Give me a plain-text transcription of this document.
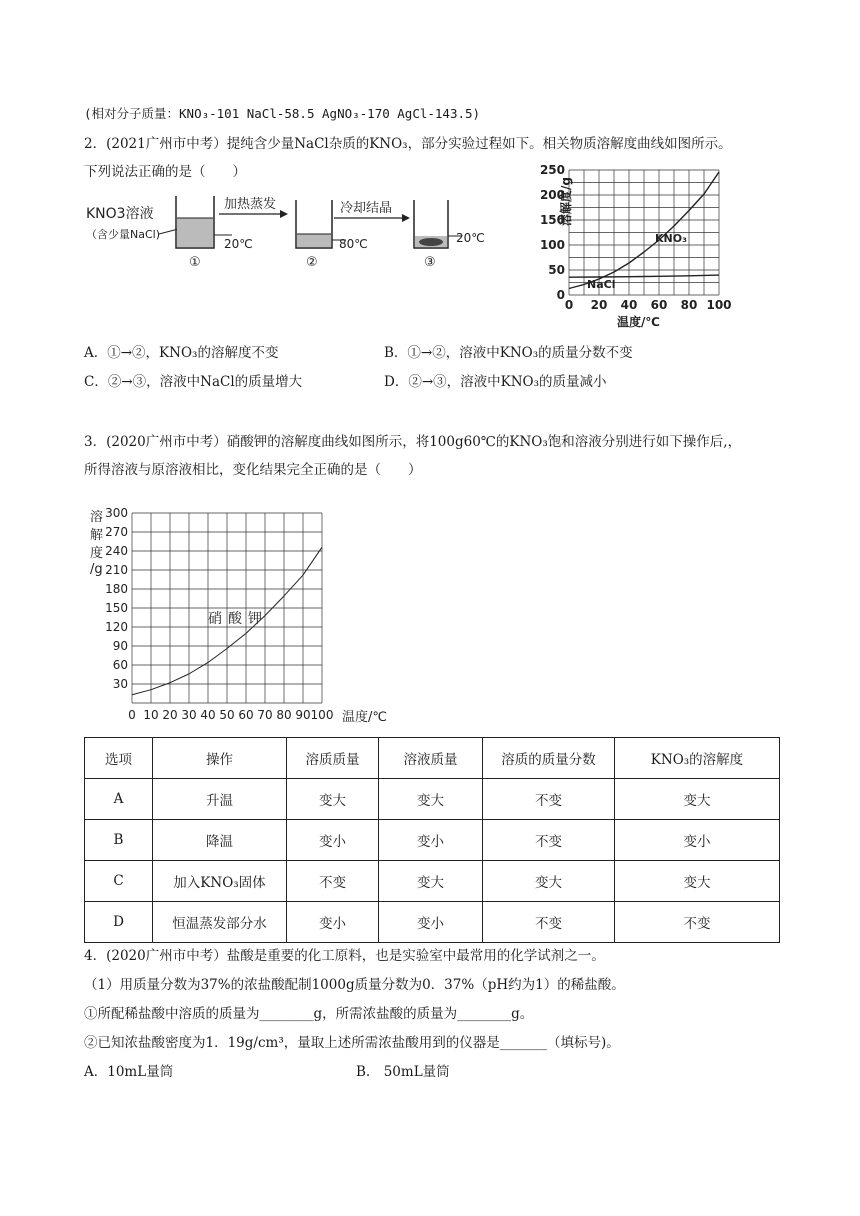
(相对分子质量：KNO₃-101 NaCl-58.5 AgNO₃-170 AgCl-143.5)
2．(2021广州市中考）提纯含少量NaCl杂质的KNO₃，部分实验过程如下。相关物质溶解度曲线如图所示。
下列说法正确的是（　　）
KNO3溶液
（含少量NaCl)
20℃
①
加热蒸发
80℃
②
冷却结晶
20℃
③
0 20 40 60 80 100
0
50
100
150
200
250
溶解度/g
温度/℃
KNO₃
NaCl
A．①→②，KNO₃的溶解度不变	B．①→②，溶液中KNO₃的质量分数不变
C．②→③，溶液中NaCl的质量增大	D．②→③，溶液中KNO₃的质量减小
3．(2020广州市中考）硝酸钾的溶解度曲线如图所示，将100g60℃的KNO₃饱和溶液分别进行如下操作后,，
所得溶液与原溶液相比，变化结果完全正确的是（　　）
0 10 20 30 40 50 60 70 80 90 100
30
60
90
120
150
180
210
240
270
300
溶
解
度
/g
温度/℃
硝酸钾
选项	操作	溶质质量	溶液质量	溶质的质量分数	KNO₃的溶解度
A	升温	变大	变大	不变	变大
B	降温	变小	变小	不变	变小
C	加入KNO₃固体	不变	变大	变大	变大
D	恒温蒸发部分水	变小	变小	不变	不变
4．(2020广州市中考）盐酸是重要的化工原料，也是实验室中最常用的化学试剂之一。
（1）用质量分数为37%的浓盐酸配制1000g质量分数为0．37%（pH约为1）的稀盐酸。
①所配稀盐酸中溶质的质量为________g，所需浓盐酸的质量为________g。
②已知浓盐酸密度为1．19g/cm³，量取上述所需浓盐酸用到的仪器是_______（填标号)。
A．10mL量筒	B.　50mL量筒
